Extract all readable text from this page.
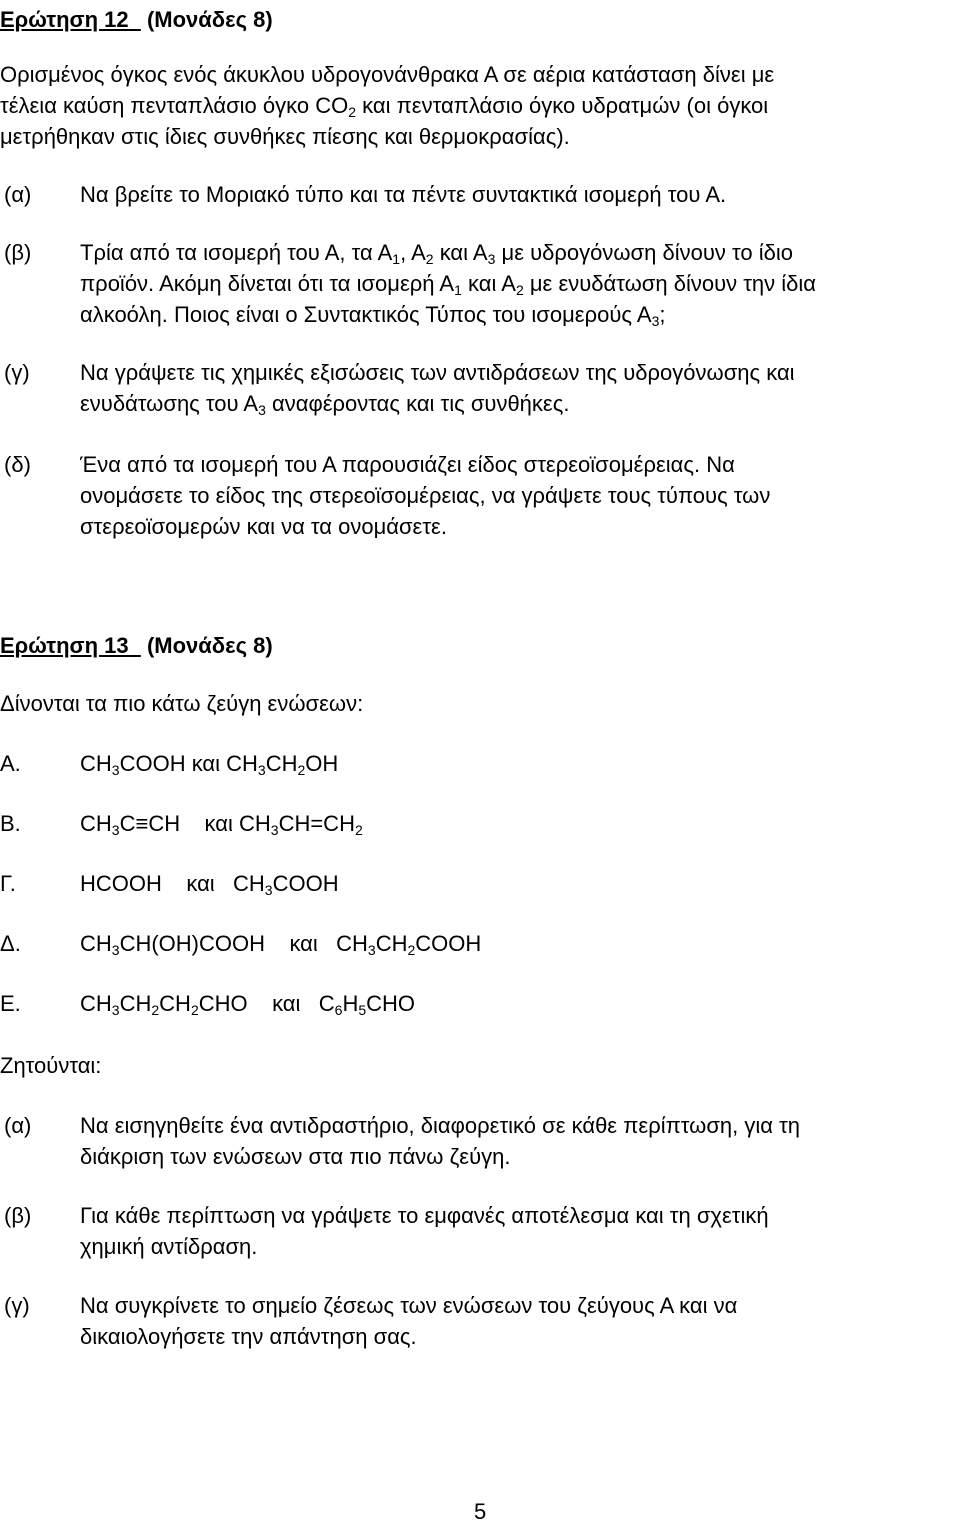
Ερώτηση 12 (Μονάδες 8)
Ορισμένος όγκος ενός άκυκλου υδρογονάνθρακα Α σε αέρια κατάσταση δίνει με
τέλεια καύση πενταπλάσιο όγκο $CO_2$ και πενταπλάσιο όγκο υδρατμών (οι όγκοι
μετρήθηκαν στις ίδιες συνθήκες πίεσης και θερμοκρασίας).
(α) Να βρείτε το Μοριακό τύπο και τα πέντε συντακτικά ισομερή του Α.
(β) Τρία από τα ισομερή του Α, τα $A_1$, $A_2$ και $A_3$ με υδρογόνωση δίνουν το ίδιο
προϊόν. Ακόμη δίνεται ότι τα ισομερή $A_1$ και $A_2$ με ενυδάτωση δίνουν την ίδια
αλκοόλη. Ποιος είναι ο Συντακτικός Τύπος του ισομερούς $A_3$;
(γ) Να γράψετε τις χημικές εξισώσεις των αντιδράσεων της υδρογόνωσης και
ενυδάτωσης του $A_3$ αναφέροντας και τις συνθήκες.
(δ) Ένα από τα ισομερή του Α παρουσιάζει είδος στερεοϊσομέρειας. Να
ονομάσετε το είδος της στερεοϊσομέρειας, να γράψετε τους τύπους των
στερεοϊσομερών και να τα ονομάσετε.
Ερώτηση 13 (Μονάδες 8)
Δίνονται τα πιο κάτω ζεύγη ενώσεων:
Α.	$CH_3COOH$ και $CH_3CH_2OH$
Β.	$CH_3C\equiv CH$    και $CH_3CH=CH_2$
Γ.	HCOOH    και   $CH_3COOH$
Δ.	$CH_3CH(OH)COOH$    και   $CH_3CH_2COOH$
Ε.	$CH_3CH_2CH_2CHO$    και   $C_6H_5CHO$
Ζητούνται:
(α) Να εισηγηθείτε ένα αντιδραστήριο, διαφορετικό σε κάθε περίπτωση, για τη
διάκριση των ενώσεων στα πιο πάνω ζεύγη.
(β) Για κάθε περίπτωση να γράψετε το εμφανές αποτέλεσμα και τη σχετική
χημική αντίδραση.
(γ) Να συγκρίνετε το σημείο ζέσεως των ενώσεων του ζεύγους Α και να
δικαιολογήσετε την απάντηση σας.
5
